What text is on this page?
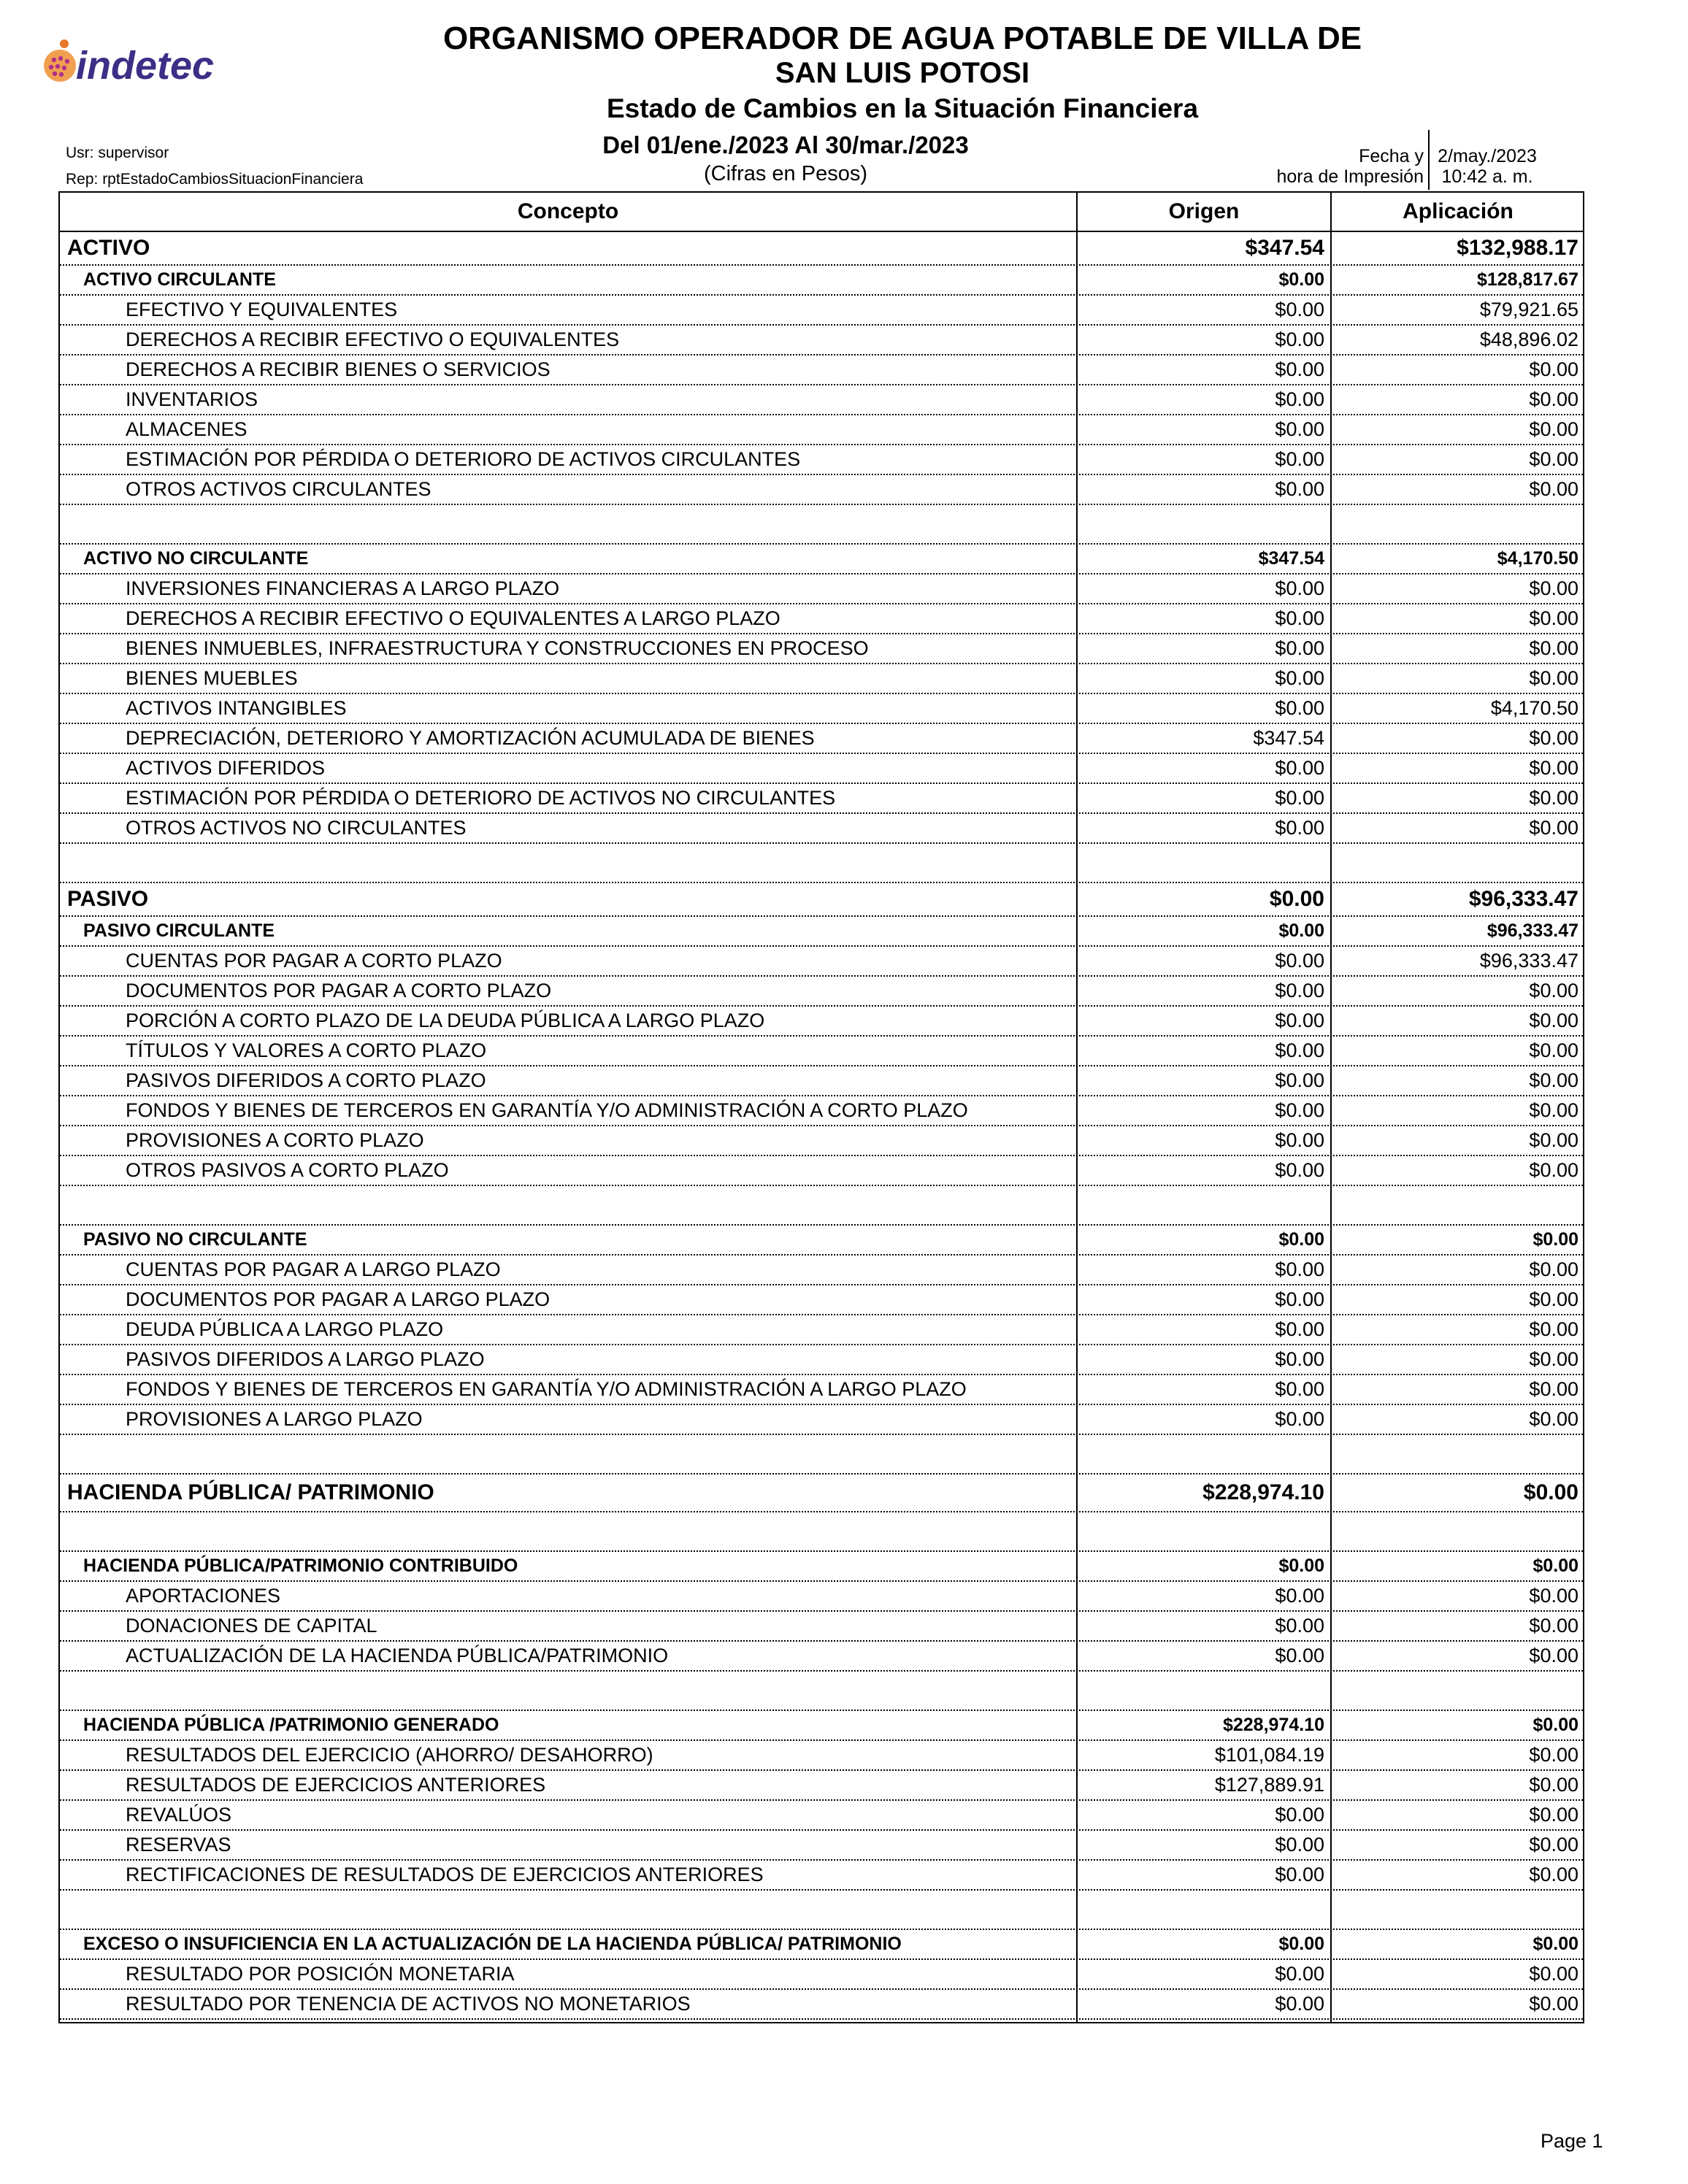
indetec
ORGANISMO OPERADOR DE AGUA POTABLE DE VILLA DE
SAN LUIS POTOSI
Estado de Cambios en la Situación Financiera
Del 01/ene./2023 Al 30/mar./2023
(Cifras en Pesos)
Usr: supervisor
Rep: rptEstadoCambiosSituacionFinanciera
Fecha y
hora de Impresión
2/may./2023
10:42 a. m.
Concepto	Origen	Aplicación
ACTIVO	$347.54	$132,988.17
ACTIVO CIRCULANTE	$0.00	$128,817.67
EFECTIVO Y EQUIVALENTES	$0.00	$79,921.65
DERECHOS A RECIBIR EFECTIVO O EQUIVALENTES	$0.00	$48,896.02
DERECHOS A RECIBIR BIENES O SERVICIOS	$0.00	$0.00
INVENTARIOS	$0.00	$0.00
ALMACENES	$0.00	$0.00
ESTIMACIÓN POR PÉRDIDA O DETERIORO DE ACTIVOS CIRCULANTES	$0.00	$0.00
OTROS ACTIVOS CIRCULANTES	$0.00	$0.00
ACTIVO NO CIRCULANTE	$347.54	$4,170.50
INVERSIONES FINANCIERAS A LARGO PLAZO	$0.00	$0.00
DERECHOS A RECIBIR EFECTIVO O EQUIVALENTES A LARGO PLAZO	$0.00	$0.00
BIENES INMUEBLES, INFRAESTRUCTURA Y CONSTRUCCIONES EN PROCESO	$0.00	$0.00
BIENES MUEBLES	$0.00	$0.00
ACTIVOS INTANGIBLES	$0.00	$4,170.50
DEPRECIACIÓN, DETERIORO Y AMORTIZACIÓN ACUMULADA DE BIENES	$347.54	$0.00
ACTIVOS DIFERIDOS	$0.00	$0.00
ESTIMACIÓN POR PÉRDIDA O DETERIORO DE ACTIVOS NO CIRCULANTES	$0.00	$0.00
OTROS ACTIVOS NO CIRCULANTES	$0.00	$0.00
PASIVO	$0.00	$96,333.47
PASIVO CIRCULANTE	$0.00	$96,333.47
CUENTAS POR PAGAR A CORTO PLAZO	$0.00	$96,333.47
DOCUMENTOS POR PAGAR A CORTO PLAZO	$0.00	$0.00
PORCIÓN A CORTO PLAZO DE LA DEUDA PÚBLICA A LARGO PLAZO	$0.00	$0.00
TÍTULOS Y VALORES A CORTO PLAZO	$0.00	$0.00
PASIVOS DIFERIDOS A CORTO PLAZO	$0.00	$0.00
FONDOS Y BIENES DE TERCEROS EN GARANTÍA Y/O ADMINISTRACIÓN A CORTO PLAZO	$0.00	$0.00
PROVISIONES A CORTO PLAZO	$0.00	$0.00
OTROS PASIVOS A CORTO PLAZO	$0.00	$0.00
PASIVO NO CIRCULANTE	$0.00	$0.00
CUENTAS POR PAGAR A LARGO PLAZO	$0.00	$0.00
DOCUMENTOS POR PAGAR A LARGO PLAZO	$0.00	$0.00
DEUDA PÚBLICA A LARGO PLAZO	$0.00	$0.00
PASIVOS DIFERIDOS A LARGO PLAZO	$0.00	$0.00
FONDOS Y BIENES DE TERCEROS EN GARANTÍA Y/O ADMINISTRACIÓN A LARGO PLAZO	$0.00	$0.00
PROVISIONES A LARGO PLAZO	$0.00	$0.00
HACIENDA PÚBLICA/ PATRIMONIO	$228,974.10	$0.00
HACIENDA PÚBLICA/PATRIMONIO CONTRIBUIDO	$0.00	$0.00
APORTACIONES	$0.00	$0.00
DONACIONES DE CAPITAL	$0.00	$0.00
ACTUALIZACIÓN DE LA HACIENDA PÚBLICA/PATRIMONIO	$0.00	$0.00
HACIENDA PÚBLICA /PATRIMONIO GENERADO	$228,974.10	$0.00
RESULTADOS DEL EJERCICIO (AHORRO/ DESAHORRO)	$101,084.19	$0.00
RESULTADOS DE EJERCICIOS ANTERIORES	$127,889.91	$0.00
REVALÚOS	$0.00	$0.00
RESERVAS	$0.00	$0.00
RECTIFICACIONES DE RESULTADOS DE EJERCICIOS ANTERIORES	$0.00	$0.00
EXCESO O INSUFICIENCIA EN LA ACTUALIZACIÓN DE LA HACIENDA PÚBLICA/ PATRIMONIO	$0.00	$0.00
RESULTADO POR POSICIÓN MONETARIA	$0.00	$0.00
RESULTADO POR TENENCIA DE ACTIVOS NO MONETARIOS	$0.00	$0.00
Page 1
